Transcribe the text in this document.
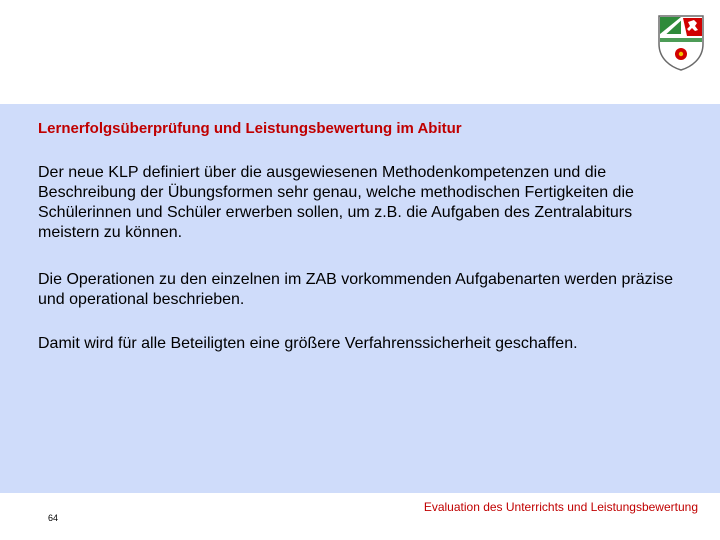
Lernerfolgsüberprüfung und Leistungsbewertung im Abitur

Der neue KLP definiert über die ausgewiesenen Methodenkompetenzen und die Beschreibung der Übungsformen sehr genau, welche methodischen Fertigkeiten die Schülerinnen und Schüler erwerben sollen, um z.B. die Aufgaben des Zentralabiturs meistern zu können.

Die Operationen zu den einzelnen im ZAB vorkommenden Aufgabenarten werden präzise und operational beschrieben.

Damit wird für alle Beteiligten eine größere Verfahrenssicherheit geschaffen.

64
Evaluation des Unterrichts und Leistungsbewertung
